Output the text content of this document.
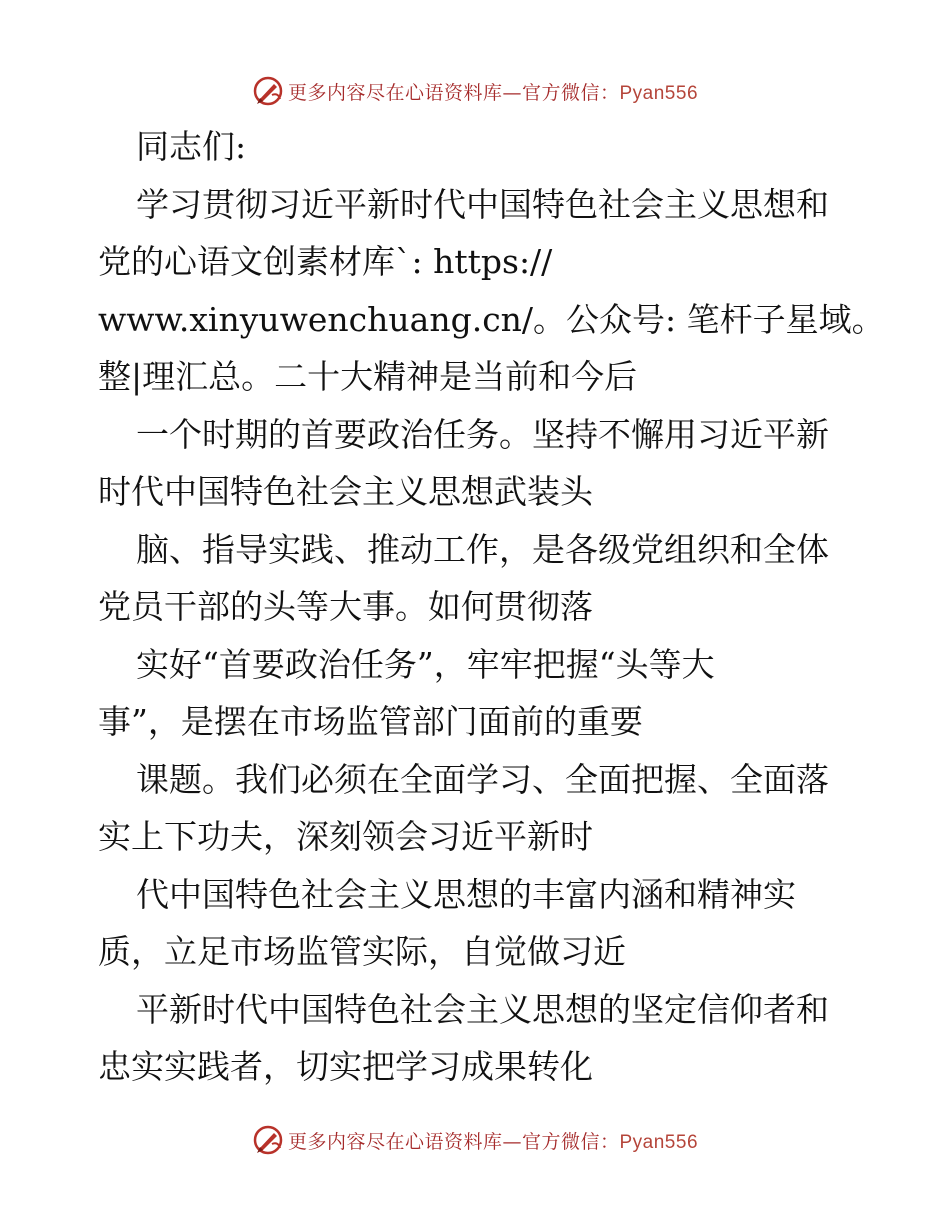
更多内容尽在心语资料库—官方微信：Pyan556
同志们:
学习贯彻习近平新时代中国特色社会主义思想和
党的心语文创素材库`: https://
www.xinyuwenchuang.cn/。公众号: 笔杆子星域。
整|理汇总。二十大精神是当前和今后
一个时期的首要政治任务。坚持不懈用习近平新
时代中国特色社会主义思想武装头
脑、指导实践、推动工作，是各级党组织和全体
党员干部的头等大事。如何贯彻落
实好“首要政治任务”，牢牢把握“头等大
事”，是摆在市场监管部门面前的重要
课题。我们必须在全面学习、全面把握、全面落
实上下功夫，深刻领会习近平新时
代中国特色社会主义思想的丰富内涵和精神实
质，立足市场监管实际，自觉做习近
平新时代中国特色社会主义思想的坚定信仰者和
忠实实践者，切实把学习成果转化
更多内容尽在心语资料库—官方微信：Pyan556
